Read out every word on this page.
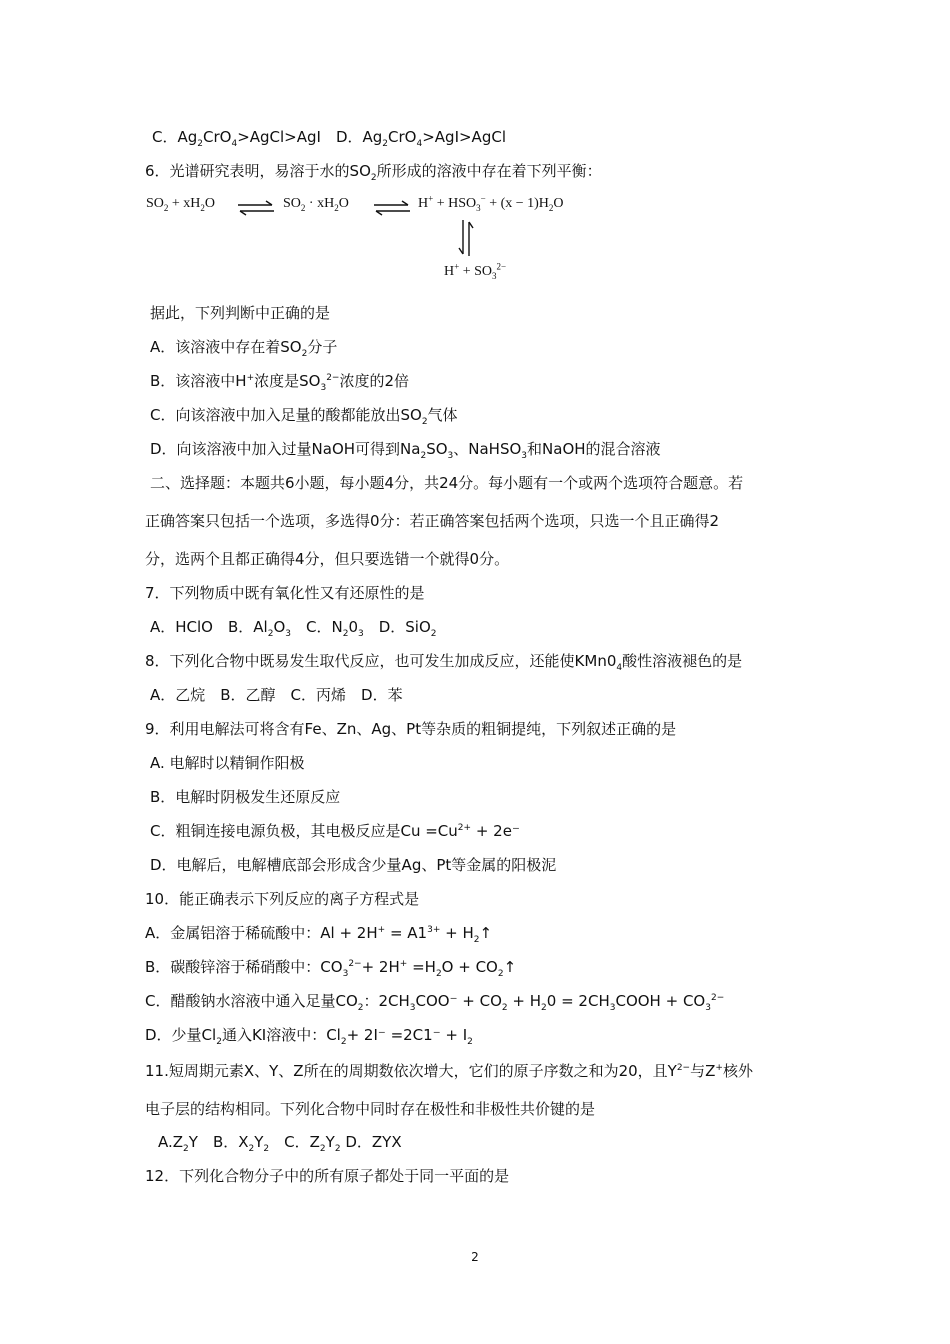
C．$Ag_2CrO_4>AgCl>AgI$　D．$Ag_2CrO_4>AgI>AgCl$
6．光谱研究表明，易溶于水的$SO_2$所形成的溶液中存在着下列平衡：
$SO_2 + xH_2O$ ⇌ $SO_2 \cdot xH_2O$ ⇌ $H^+ + HSO_3^- + (x - 1)H_2O$
$H^+ + SO_3^{2-}$
据此，下列判断中正确的是
A．该溶液中存在着$SO_2$分子
B．该溶液中H+浓度是$SO_3^{2-}$浓度的2倍
C．向该溶液中加入足量的酸都能放出$SO_2$气体
D．向该溶液中加入过量NaOH可得到$Na_2SO_3$、NaHSO$_3$和NaOH的混合溶液
二、选择题：本题共6小题，每小题4分，共24分。每小题有一个或两个选项符合题意。若
正确答案只包括一个选项，多选得0分：若正确答案包括两个选项，只选一个且正确得2
分，选两个且都正确得4分，但只要选错一个就得0分。
7．下列物质中既有氧化性又有还原性的是
A．HClO　B．$Al_2O_3$　C．$N_20_3$　D．SiO$_2$
8．下列化合物中既易发生取代反应，也可发生加成反应，还能使$KMn0_4$酸性溶液褪色的是
A．乙烷　B．乙醇　C．丙烯　D．苯
9．利用电解法可将含有Fe、Zn、Ag、Pt等杂质的粗铜提纯，下列叙述正确的是
A. 电解时以精铜作阳极
B．电解时阴极发生还原反应
C．粗铜连接电源负极，其电极反应是$Cu =Cu^{2+} + 2e^-$
D．电解后，电解槽底部会形成含少量Ag、Pt等金属的阳极泥
10．能正确表示下列反应的离子方程式是
A．金属铝溶于稀硫酸中：$Al + 2H^+ = A1^{3+}$ + $H_2↑$
B．碳酸锌溶于稀硝酸中：$CO_3^{2-}+ 2H^+ =H_2O$ + $CO_2↑$
C．醋酸钠水溶液中通入足量$CO_2$：$2CH_3COO^- + CO_2 + H_20$ = $2CH_3COOH + CO_3^{2-}$
D．少量$Cl_2$通入KI溶液中：$Cl_2+ 2I^- =2C1^- + I_2$
11.短周期元素X、Y、Z所在的周期数依次增大，它们的原子序数之和为20，且$Y^{2-}$与Z+核外
电子层的结构相同。下列化合物中同时存在极性和非极性共价键的是
$A.Z_2Y$　B．$X_2Y_2$　C．$Z_2Y_2$ D．ZYX
12．下列化合物分子中的所有原子都处于同一平面的是
2
